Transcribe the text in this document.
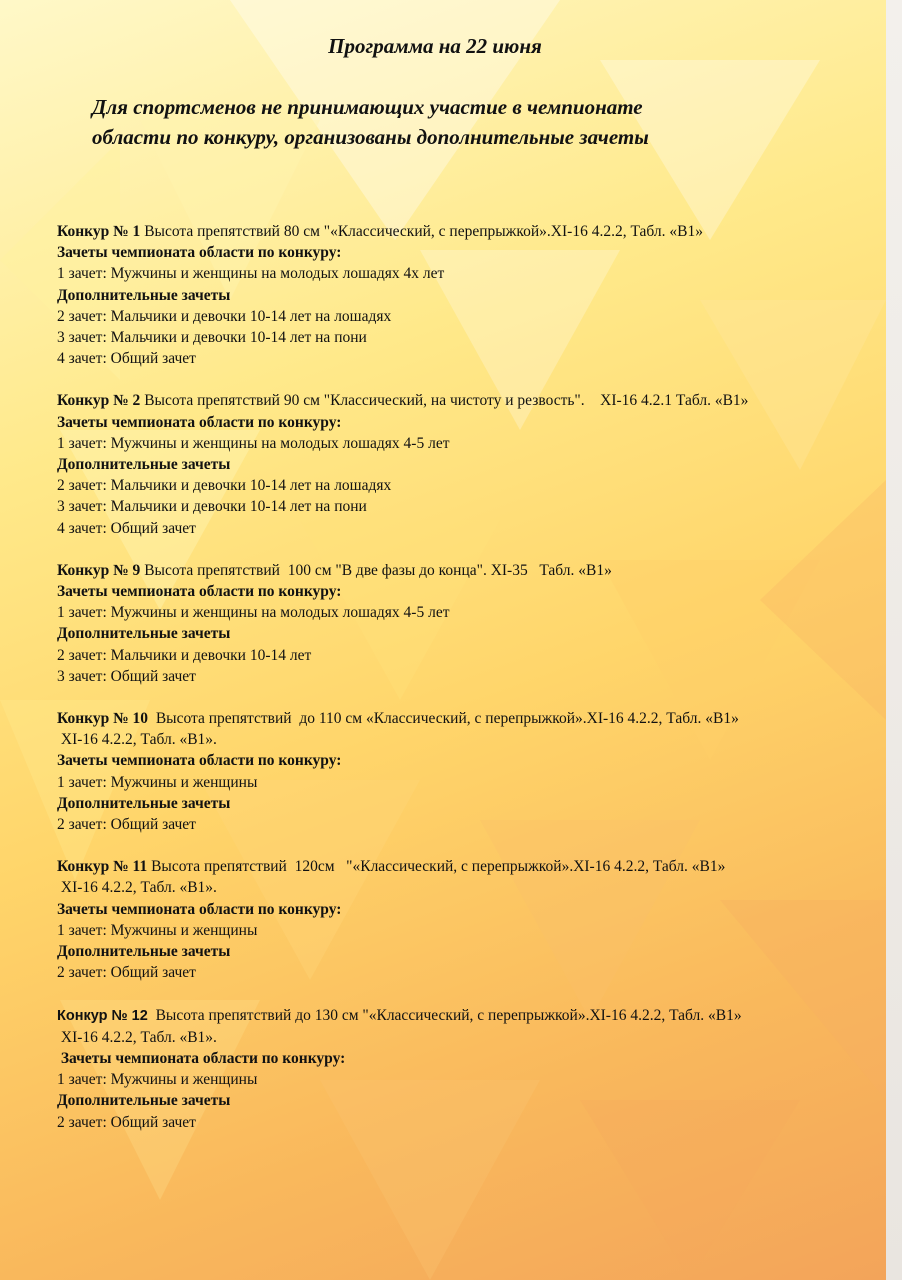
Программа на 22 июня
Для спортсменов не принимающих участие в чемпионате
области по конкуру, организованы дополнительные зачеты
Конкур № 1 Высота препятствий 80 см "«Классический, с перепрыжкой».XI-16 4.2.2, Табл. «В1»
Зачеты чемпионата области по конкуру:
1 зачет: Мужчины и женщины на молодых лошадях 4х лет
Дополнительные зачеты
2 зачет: Мальчики и девочки 10-14 лет на лошадях
3 зачет: Мальчики и девочки 10-14 лет на пони
4 зачет: Общий зачет
Конкур № 2 Высота препятствий 90 см "Классический, на чистоту и резвость".    XI-16 4.2.1 Табл. «В1»
Зачеты чемпионата области по конкуру:
1 зачет: Мужчины и женщины на молодых лошадях 4-5 лет
Дополнительные зачеты
2 зачет: Мальчики и девочки 10-14 лет на лошадях
3 зачет: Мальчики и девочки 10-14 лет на пони
4 зачет: Общий зачет
Конкур № 9 Высота препятствий  100 см "В две фазы до конца". XI-35   Табл. «В1»
Зачеты чемпионата области по конкуру:
1 зачет: Мужчины и женщины на молодых лошадях 4-5 лет
Дополнительные зачеты
2 зачет: Мальчики и девочки 10-14 лет
3 зачет: Общий зачет
Конкур № 10  Высота препятствий  до 110 см «Классический, с перепрыжкой».XI-16 4.2.2, Табл. «В1»
XI-16 4.2.2, Табл. «В1».
Зачеты чемпионата области по конкуру:
1 зачет: Мужчины и женщины
Дополнительные зачеты
2 зачет: Общий зачет
Конкур № 11 Высота препятствий  120см   "«Классический, с перепрыжкой».XI-16 4.2.2, Табл. «В1»
XI-16 4.2.2, Табл. «В1».
Зачеты чемпионата области по конкуру:
1 зачет: Мужчины и женщины
Дополнительные зачеты
2 зачет: Общий зачет
Конкур № 12  Высота препятствий до 130 см "«Классический, с перепрыжкой».XI-16 4.2.2, Табл. «В1»
XI-16 4.2.2, Табл. «В1».
Зачеты чемпионата области по конкуру:
1 зачет: Мужчины и женщины
Дополнительные зачеты
2 зачет: Общий зачет
